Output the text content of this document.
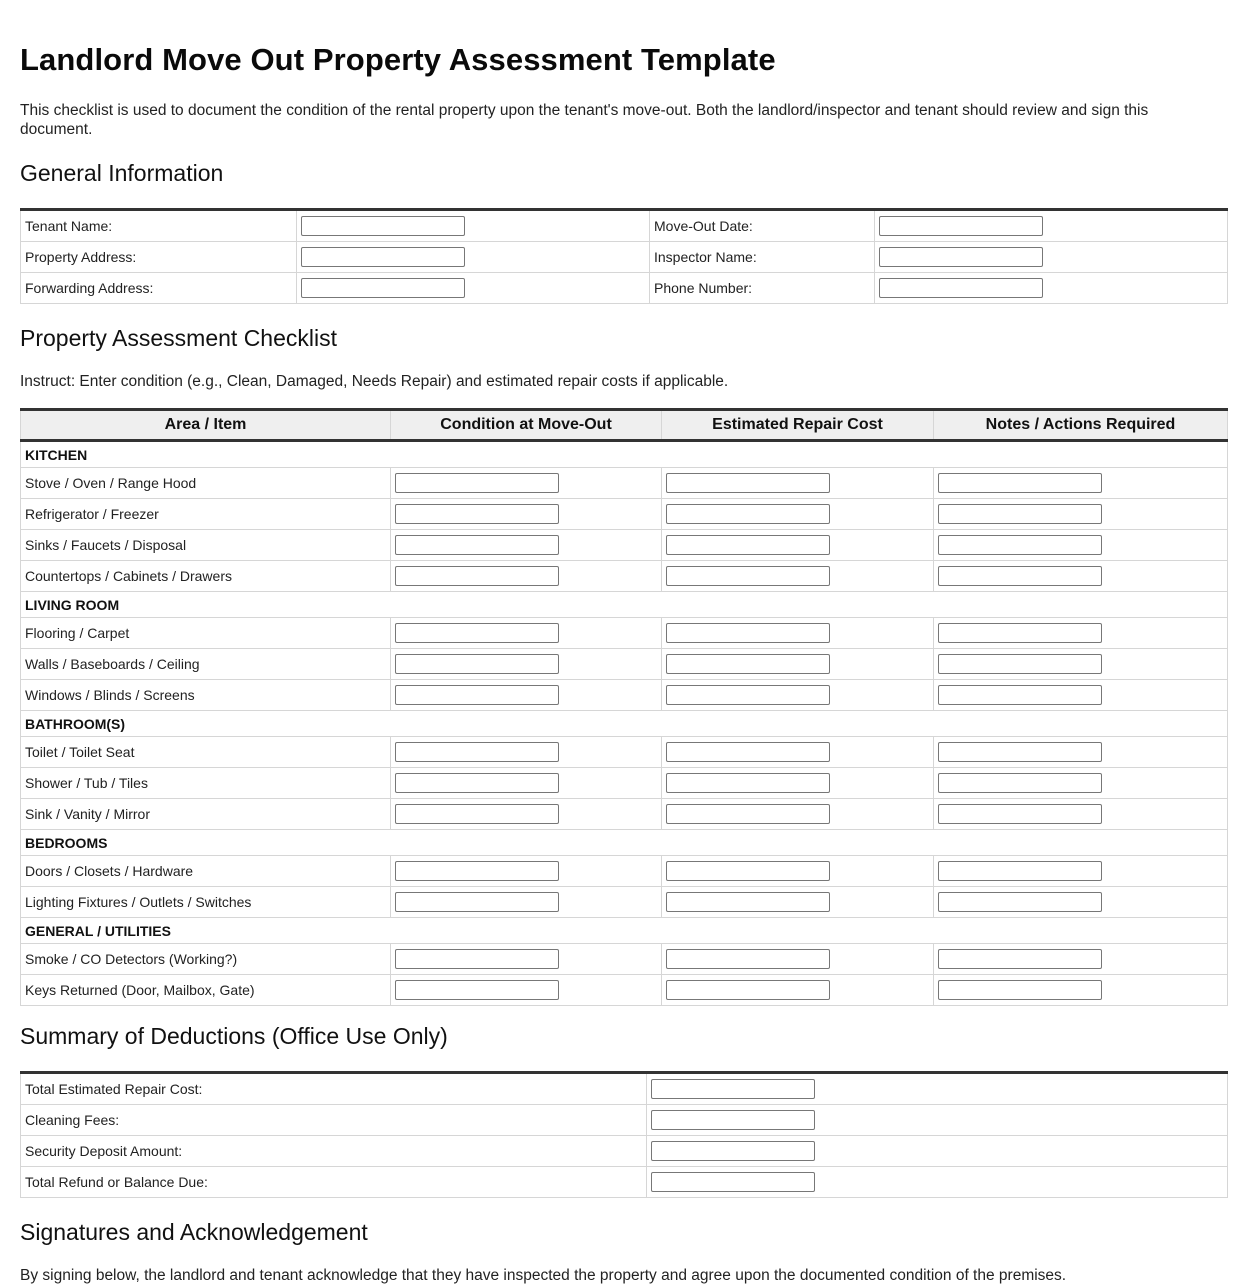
Landlord Move Out Property Assessment Template

This checklist is used to document the condition of the rental property upon the tenant's move-out. Both the landlord/inspector and tenant should review and sign this document.

General Information
Tenant Name:		Move-Out Date:	
Property Address:		Inspector Name:	
Forwarding Address:		Phone Number:	
Property Assessment Checklist

Instruct: Enter condition (e.g., Clean, Damaged, Needs Repair) and estimated repair costs if applicable.

Area / Item	Condition at Move-Out	Estimated Repair Cost	Notes / Actions Required
KITCHEN			
Stove / Oven / Range Hood			
Refrigerator / Freezer			
Sinks / Faucets / Disposal			
Countertops / Cabinets / Drawers			
LIVING ROOM			
Flooring / Carpet			
Walls / Baseboards / Ceiling			
Windows / Blinds / Screens			
BATHROOM(S)			
Toilet / Toilet Seat			
Shower / Tub / Tiles			
Sink / Vanity / Mirror			
BEDROOMS			
Doors / Closets / Hardware			
Lighting Fixtures / Outlets / Switches			
GENERAL / UTILITIES			
Smoke / CO Detectors (Working?)			
Keys Returned (Door, Mailbox, Gate)			
Summary of Deductions (Office Use Only)
Total Estimated Repair Cost:	
Cleaning Fees:	
Security Deposit Amount:	
Total Refund or Balance Due:	
Signatures and Acknowledgement

By signing below, the landlord and tenant acknowledge that they have inspected the property and agree upon the documented condition of the premises.
